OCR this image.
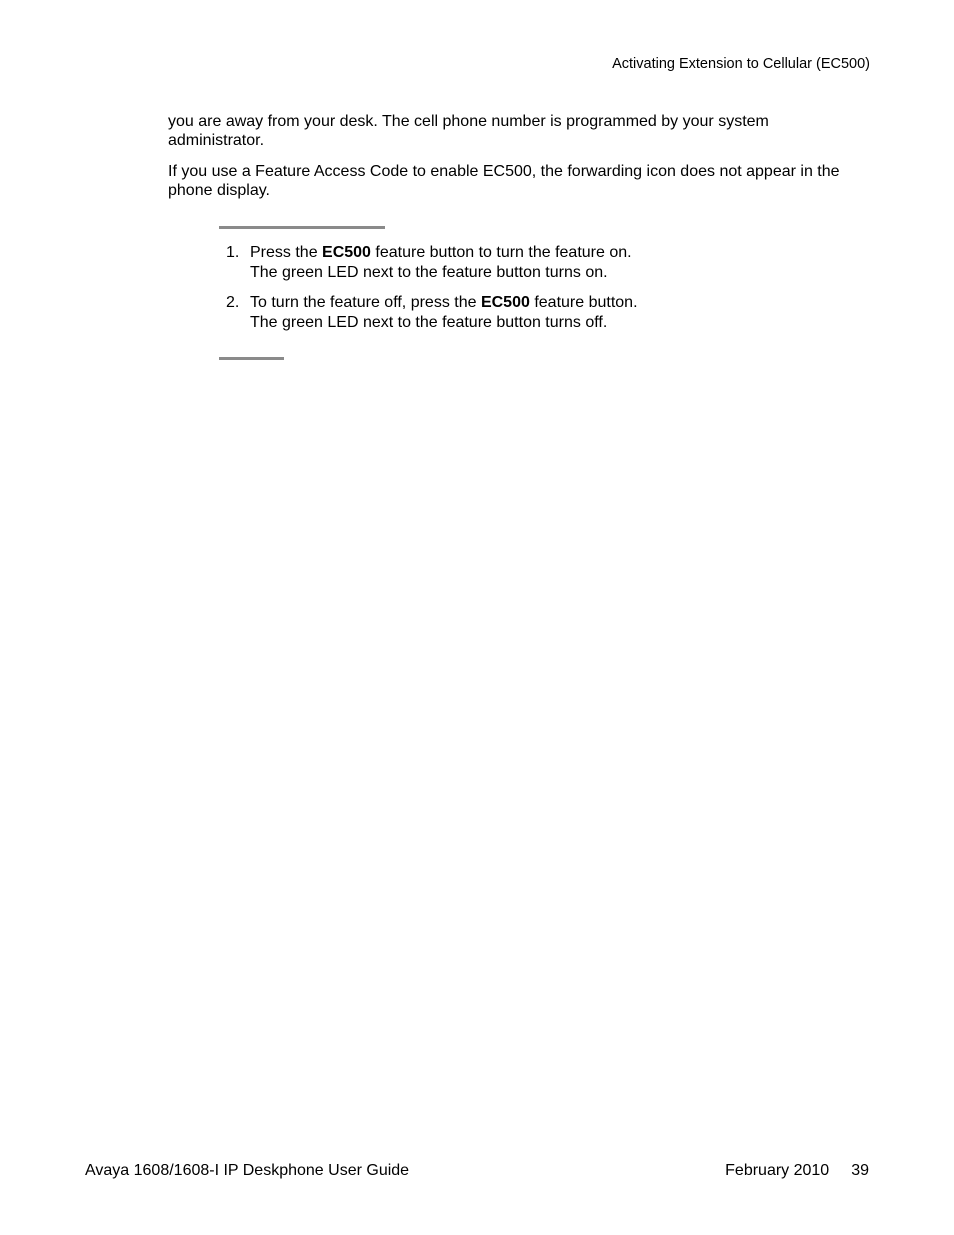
Activating Extension to Cellular (EC500)

you are away from your desk. The cell phone number is programmed by your system administrator.

If you use a Feature Access Code to enable EC500, the forwarding icon does not appear in the phone display.

1. Press the EC500 feature button to turn the feature on.
The green LED next to the feature button turns on.
2. To turn the feature off, press the EC500 feature button.
The green LED next to the feature button turns off.
Avaya 1608/1608-I IP Deskphone User Guide	February 2010 39
